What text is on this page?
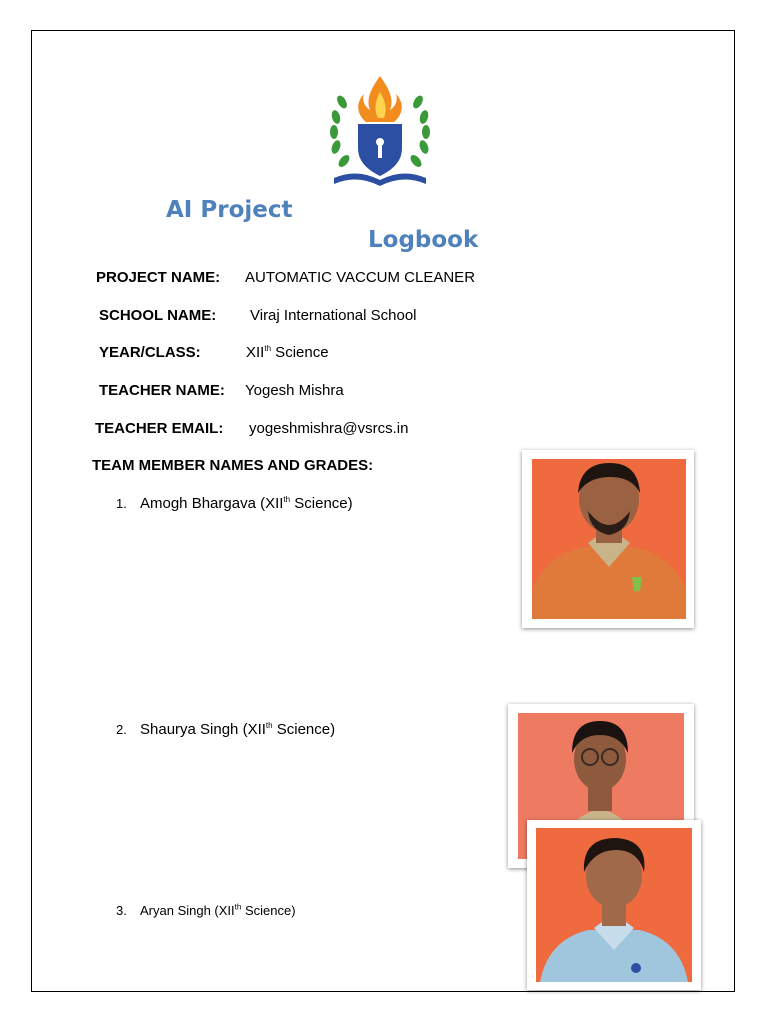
AI Project
Logbook
PROJECT NAME: AUTOMATIC VACCUM CLEANER
SCHOOL NAME: Viraj International School
YEAR/CLASS:	XIIth Science
TEACHER NAME: Yogesh Mishra
TEACHER EMAIL: yogeshmishra@vsrcs.in
TEAM MEMBER NAMES AND GRADES:
1. Amogh Bhargava (XIIth Science)
2. Shaurya Singh (XIIth Science)
3. Aryan Singh (XIIth Science)
